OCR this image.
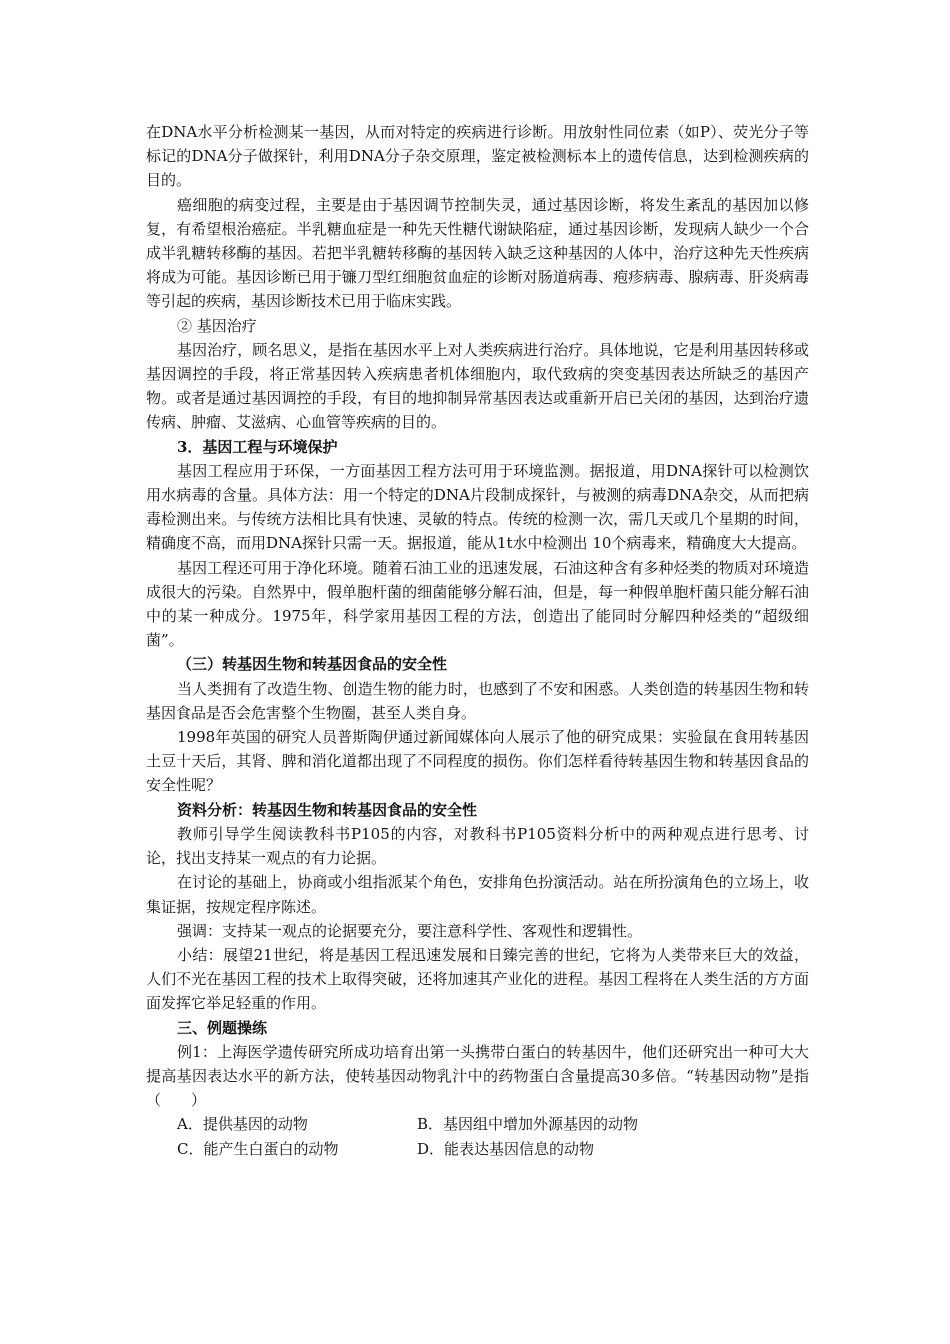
在DNA水平分析检测某一基因，从而对特定的疾病进行诊断。用放射性同位素（如P）、荧光分子等标记的DNA分子做探针，利用DNA分子杂交原理，鉴定被检测标本上的遗传信息，达到检测疾病的目的。

癌细胞的病变过程，主要是由于基因调节控制失灵，通过基因诊断，将发生紊乱的基因加以修复，有希望根治癌症。半乳糖血症是一种先天性糖代谢缺陷症，通过基因诊断，发现病人缺少一个合成半乳糖转移酶的基因。若把半乳糖转移酶的基因转入缺乏这种基因的人体中，治疗这种先天性疾病将成为可能。基因诊断已用于镰刀型红细胞贫血症的诊断对肠道病毒、疱疹病毒、腺病毒、肝炎病毒等引起的疾病，基因诊断技术已用于临床实践。

② 基因治疗

基因治疗，顾名思义，是指在基因水平上对人类疾病进行治疗。具体地说，它是利用基因转移或基因调控的手段，将正常基因转入疾病患者机体细胞内，取代致病的突变基因表达所缺乏的基因产物。或者是通过基因调控的手段，有目的地抑制异常基因表达或重新开启已关闭的基因，达到治疗遗传病、肿瘤、艾滋病、心血管等疾病的目的。

3．基因工程与环境保护

基因工程应用于环保，一方面基因工程方法可用于环境监测。据报道，用DNA探针可以检测饮用水病毒的含量。具体方法：用一个特定的DNA片段制成探针，与被测的病毒DNA杂交，从而把病毒检测出来。与传统方法相比具有快速、灵敏的特点。传统的检测一次，需几天或几个星期的时间，精确度不高，而用DNA探针只需一天。据报道，能从1t水中检测出 10个病毒来，精确度大大提高。

基因工程还可用于净化环境。随着石油工业的迅速发展，石油这种含有多种烃类的物质对环境造成很大的污染。自然界中，假单胞杆菌的细菌能够分解石油，但是，每一种假单胞杆菌只能分解石油中的某一种成分。1975年，科学家用基因工程的方法，创造出了能同时分解四种烃类的“超级细菌”。

（三）转基因生物和转基因食品的安全性

当人类拥有了改造生物、创造生物的能力时，也感到了不安和困惑。人类创造的转基因生物和转基因食品是否会危害整个生物圈，甚至人类自身。

1998年英国的研究人员普斯陶伊通过新闻媒体向人展示了他的研究成果：实验鼠在食用转基因土豆十天后，其肾、脾和消化道都出现了不同程度的损伤。你们怎样看待转基因生物和转基因食品的安全性呢？

资料分析：转基因生物和转基因食品的安全性

教师引导学生阅读教科书P105的内容，对教科书P105资料分析中的两种观点进行思考、讨论，找出支持某一观点的有力论据。

在讨论的基础上，协商或小组指派某个角色，安排角色扮演活动。站在所扮演角色的立场上，收集证据，按规定程序陈述。

强调：支持某一观点的论据要充分，要注意科学性、客观性和逻辑性。

小结：展望21世纪，将是基因工程迅速发展和日臻完善的世纪，它将为人类带来巨大的效益，人们不光在基因工程的技术上取得突破，还将加速其产业化的进程。基因工程将在人类生活的方方面面发挥它举足轻重的作用。

三、例题操练

例1：上海医学遗传研究所成功培育出第一头携带白蛋白的转基因牛，他们还研究出一种可大大提高基因表达水平的新方法，使转基因动物乳汁中的药物蛋白含量提高30多倍。“转基因动物”是指（　　）

A．提供基因的动物	B．基因组中增加外源基因的动物

C．能产生白蛋白的动物	D．能表达基因信息的动物
